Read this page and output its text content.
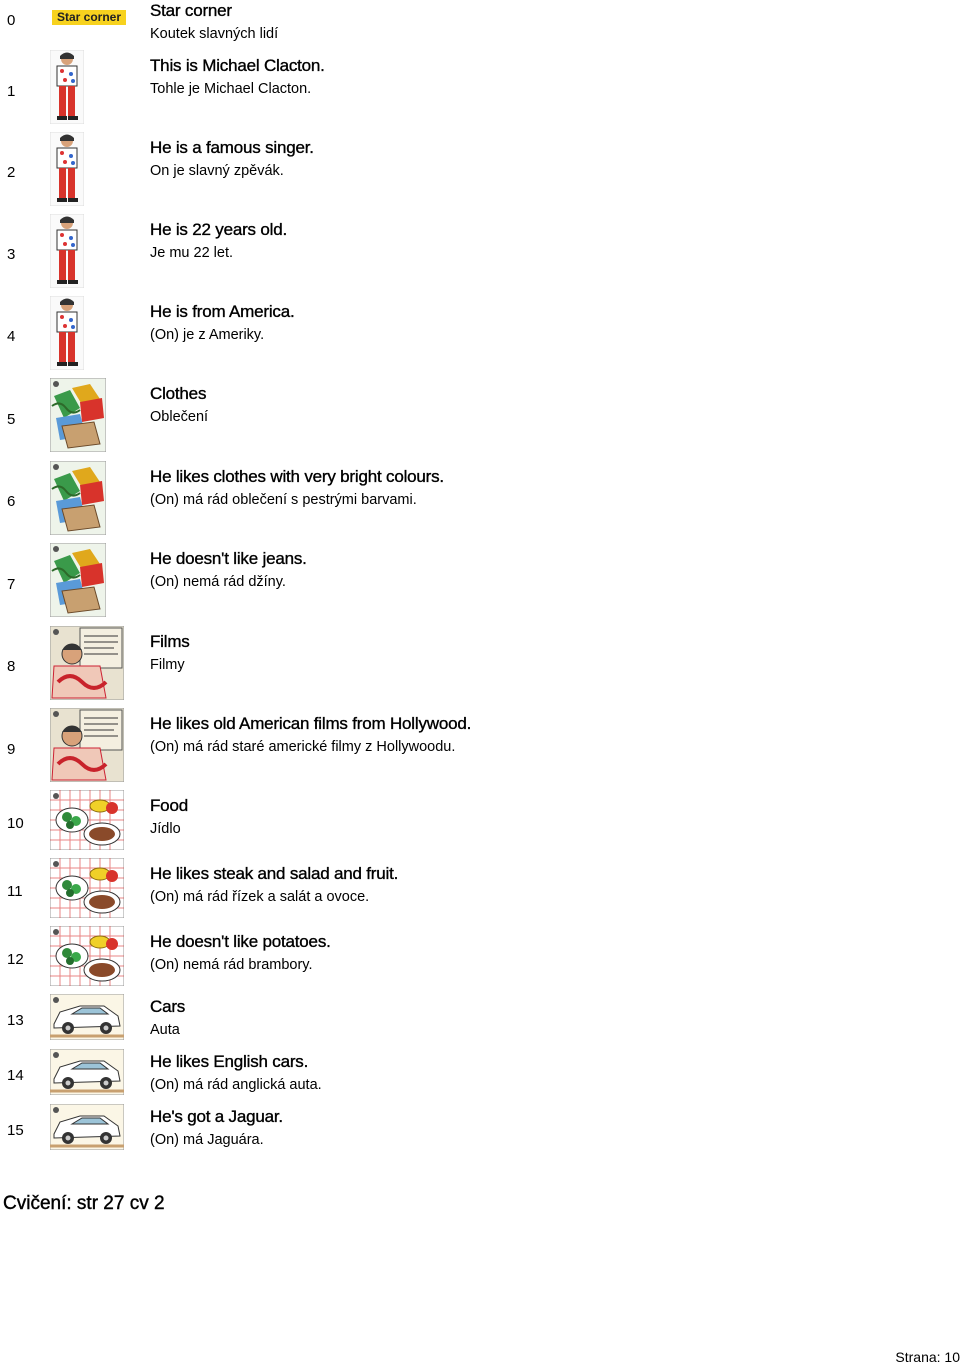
0	Star corner Star corner
Koutek slavných lidí
1
This is Michael Clacton.
Tohle je Michael Clacton.
2
He is a famous singer.
On je slavný zpěvák.
3
He is 22 years old.
Je mu 22 let.
4
He is from America.
(On) je z Ameriky.
5
Clothes
Oblečení
6
He likes clothes with very bright colours.
(On) má rád oblečení s pestrými barvami.
7
He doesn't like jeans.
(On) nemá rád džíny.
8
Films
Filmy
9
He likes old American films from Hollywood.
(On) má rád staré americké filmy z Hollywoodu.
10
Food
Jídlo
11
He likes steak and salad and fruit.
(On) má rád řízek a salát a ovoce.
12
He doesn't like potatoes.
(On) nemá rád brambory.
13
Cars
Auta
14
He likes English cars.
(On) má rád anglická auta.
15
He's got a Jaguar.
(On) má Jaguára.
Cvičení: str 27 cv 2
Strana: 10
